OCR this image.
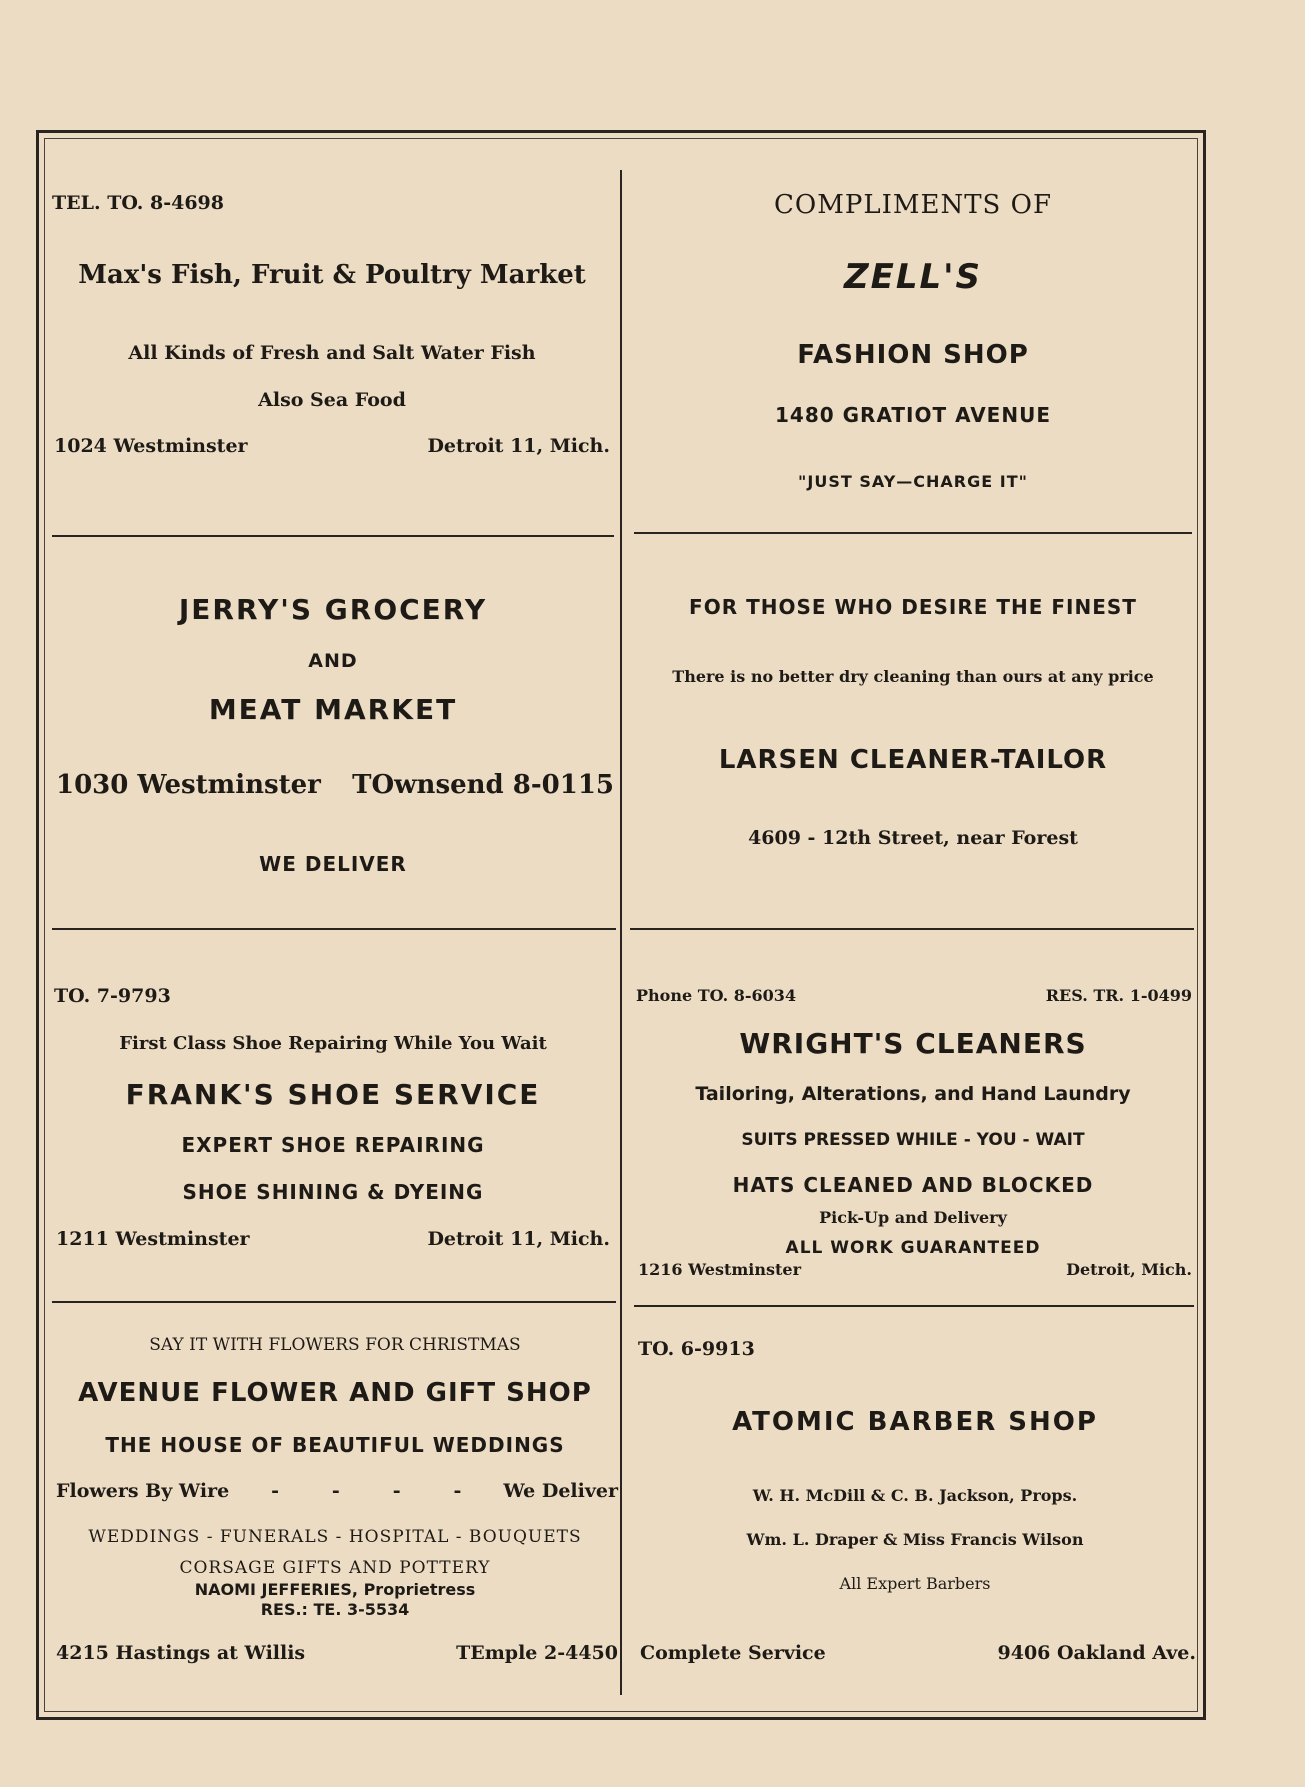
TEL. TO. 8-4698
Max's Fish, Fruit & Poultry Market
All Kinds of Fresh and Salt Water Fish
Also Sea Food
1024 Westminster	Detroit 11, Mich.
COMPLIMENTS OF
ZELL'S
FASHION SHOP
1480 GRATIOT AVENUE
"JUST SAY—CHARGE IT"
JERRY'S GROCERY
AND
MEAT MARKET
1030 Westminster TOwnsend 8-0115
WE DELIVER
FOR THOSE WHO DESIRE THE FINEST
There is no better dry cleaning than ours at any price
LARSEN CLEANER-TAILOR
4609 - 12th Street, near Forest
TO. 7-9793
First Class Shoe Repairing While You Wait
FRANK'S SHOE SERVICE
EXPERT SHOE REPAIRING
SHOE SHINING & DYEING
1211 Westminster	Detroit 11, Mich.
Phone TO. 8-6034	RES. TR. 1-0499
WRIGHT'S CLEANERS
Tailoring, Alterations, and Hand Laundry
SUITS PRESSED WHILE - YOU - WAIT
HATS CLEANED AND BLOCKED
Pick-Up and Delivery
ALL WORK GUARANTEED
1216 Westminster	Detroit, Mich.
SAY IT WITH FLOWERS FOR CHRISTMAS
AVENUE FLOWER AND GIFT SHOP
THE HOUSE OF BEAUTIFUL WEDDINGS
Flowers By Wire -        -        -        - We Deliver
WEDDINGS - FUNERALS - HOSPITAL - BOUQUETS
CORSAGE GIFTS AND POTTERY
NAOMI JEFFERIES, Proprietress
RES.: TE. 3-5534
4215 Hastings at Willis	TEmple 2-4450
TO. 6-9913
ATOMIC BARBER SHOP
W. H. McDill & C. B. Jackson, Props.
Wm. L. Draper & Miss Francis Wilson
All Expert Barbers
Complete Service	9406 Oakland Ave.
